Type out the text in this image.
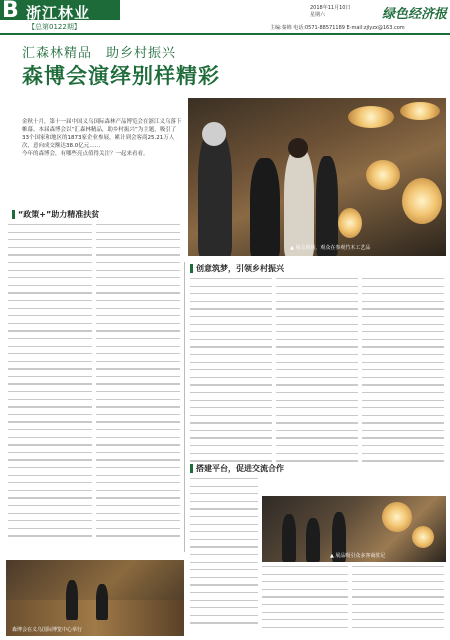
B 浙江林业
【总第0122期】
2018年11月10日
星期六	绿色经济报
主编:秦锦 电话:0571-88571189 E-mail:zjlyzx@163.com
汇森林精品　助乡村振兴
森博会演绎别样精彩
金秋十月，第十一届中国义乌国际森林产品博览会在浙江义乌落下帷幕。本届森博会以“汇森林精品，助乡村振兴”为主题，吸引了33个国家和地区的1873家企业参展，累计到会客商25.21万人次，意向成交额达38.0亿元……
今年的森博会，有哪些亮点值得关注？一起来看看。
▲ 展会现场，观众在参观竹木工艺品
“政策+”助力精准扶贫
创意筑梦，引领乡村振兴
搭建平台，促进交流合作
▲ 展品吸引众多客商驻足
森博会在义乌国际博览中心举行
